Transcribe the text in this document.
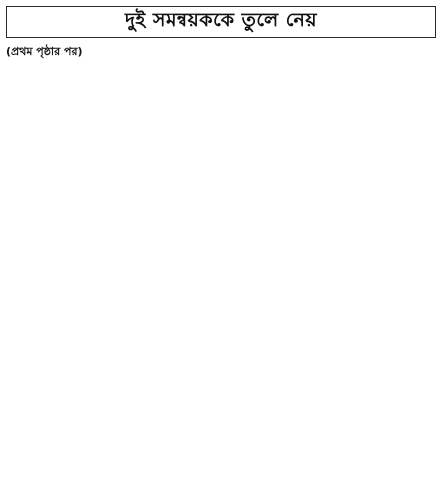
দুই সমন্বয়ককে তুলে নেয়
(প্রথম পৃষ্ঠার পর)
